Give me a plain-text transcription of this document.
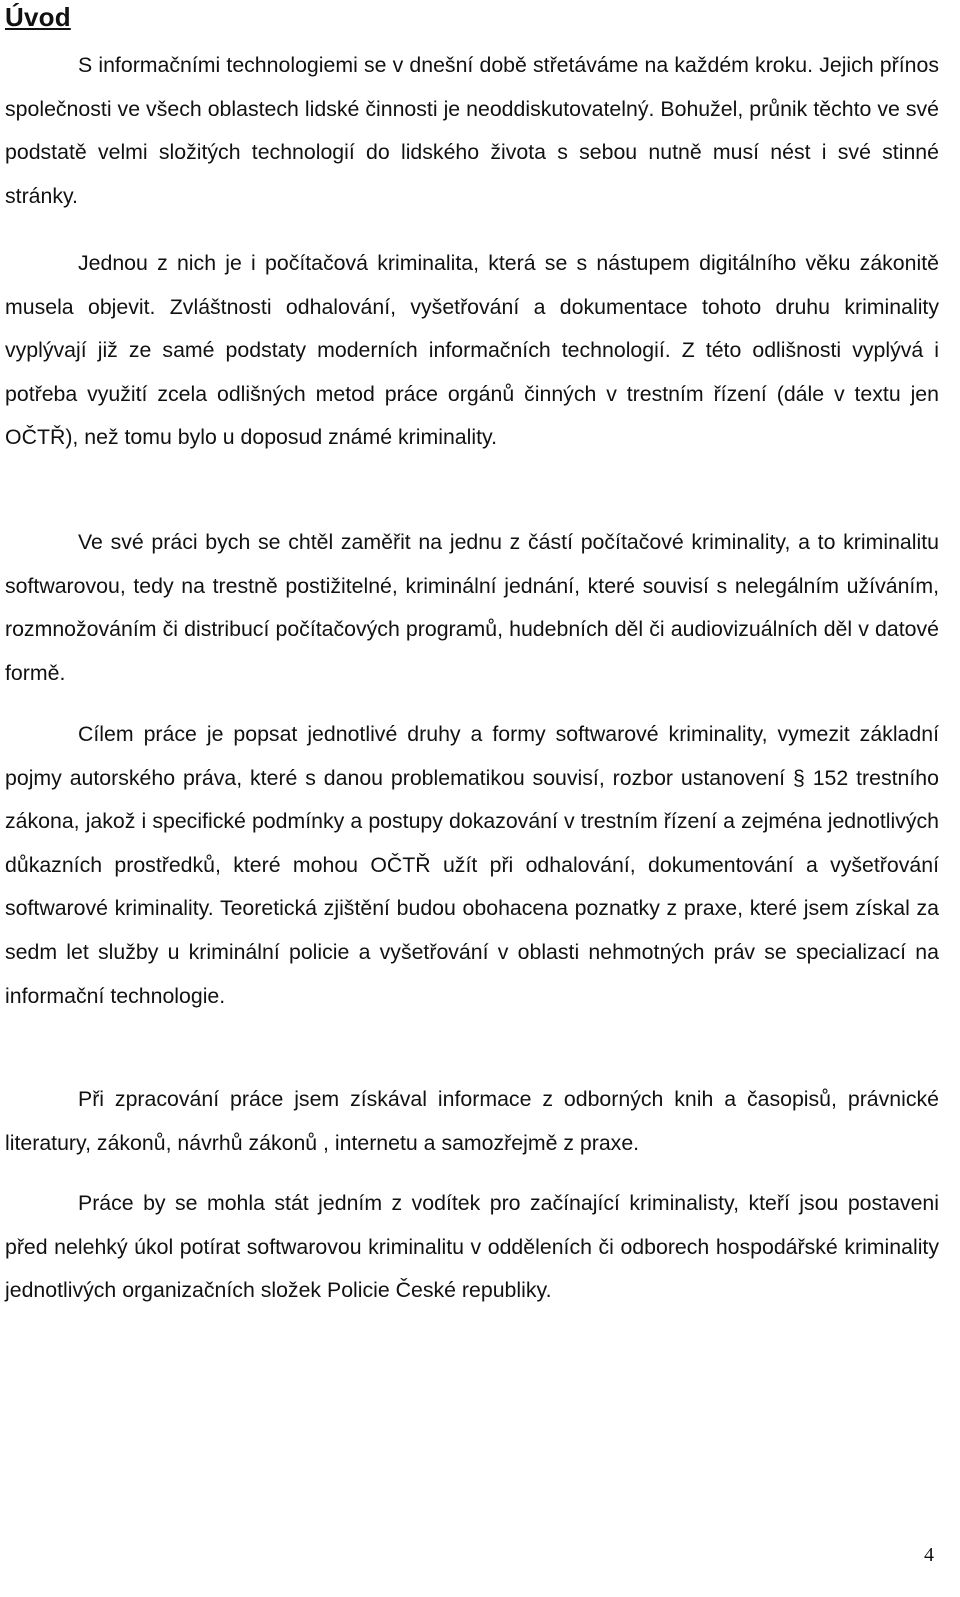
Úvod

S informačními technologiemi se v dnešní době střetáváme na každém kroku. Jejich přínos společnosti ve všech oblastech lidské činnosti je neoddiskutovatelný. Bohužel, průnik těchto ve své podstatě velmi složitých technologií do lidského života s sebou nutně musí nést i své stinné stránky.

Jednou z nich je i počítačová kriminalita, která se s nástupem digitálního věku zákonitě musela objevit. Zvláštnosti odhalování, vyšetřování a dokumentace tohoto druhu kriminality vyplývají již ze samé podstaty moderních informačních technologií. Z této odlišnosti vyplývá i potřeba využití zcela odlišných metod práce orgánů činných v trestním řízení (dále v textu jen OČTŘ), než tomu bylo u doposud známé kriminality.

Ve své práci bych se chtěl zaměřit na jednu z částí počítačové kriminality, a to kriminalitu softwarovou, tedy na trestně postižitelné, kriminální jednání, které souvisí s nelegálním užíváním, rozmnožováním či distribucí počítačových programů, hudebních děl či audiovizuálních děl v datové formě.

Cílem práce je popsat jednotlivé druhy a formy softwarové kriminality, vymezit základní pojmy autorského práva, které s danou problematikou souvisí, rozbor ustanovení § 152 trestního zákona, jakož i specifické podmínky a postupy dokazování v trestním řízení a zejména jednotlivých důkazních prostředků, které mohou OČTŘ užít při odhalování, dokumentování a vyšetřování softwarové kriminality. Teoretická zjištění budou obohacena poznatky z praxe, které jsem získal za sedm let služby u kriminální policie a vyšetřování v oblasti nehmotných práv se specializací na informační technologie.

Při zpracování práce jsem získával informace z odborných knih a časopisů, právnické literatury, zákonů, návrhů zákonů , internetu a samozřejmě z praxe.

Práce by se mohla stát jedním z vodítek pro začínající kriminalisty, kteří jsou postaveni před nelehký úkol potírat softwarovou kriminalitu v odděleních či odborech hospodářské kriminality jednotlivých organizačních složek Policie České republiky.

4
